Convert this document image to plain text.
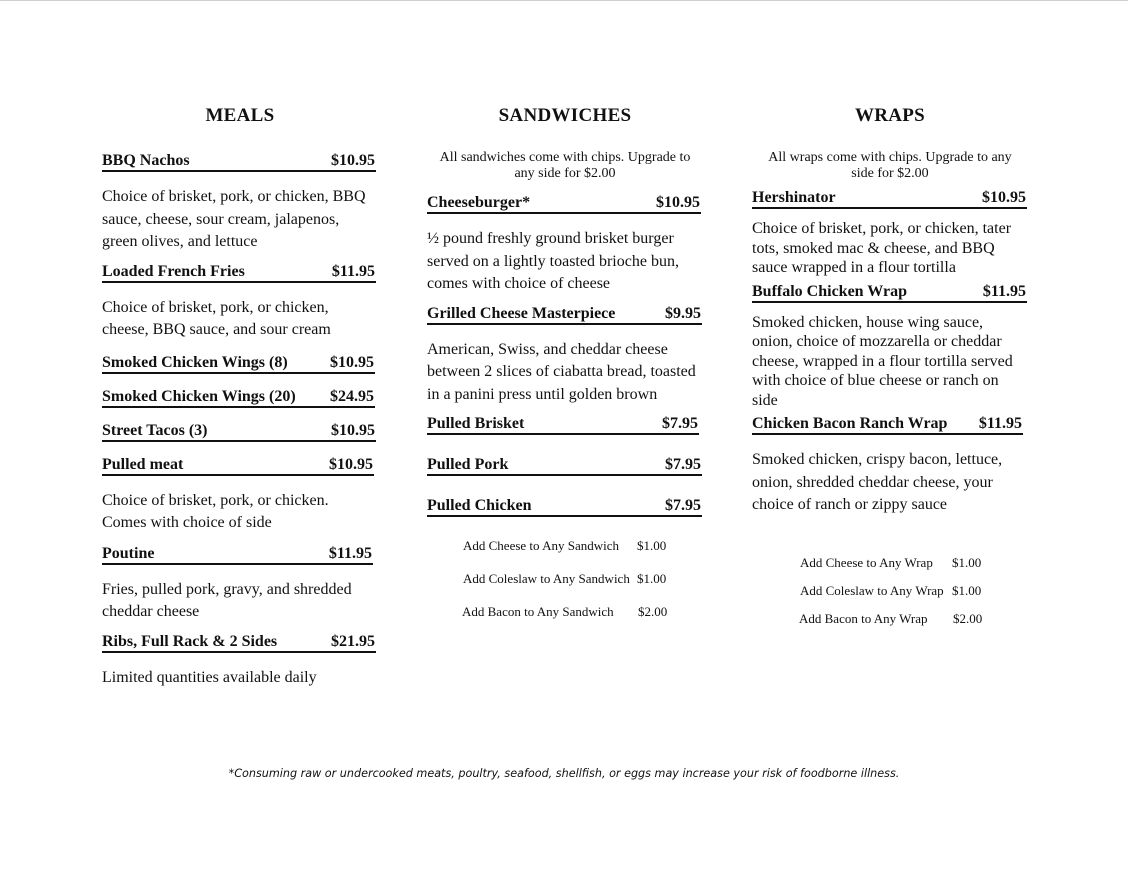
MEALS
BBQ Nachos	$10.95
Choice of brisket, pork, or chicken, BBQ sauce, cheese, sour cream, jalapenos, green olives, and lettuce
Loaded French Fries	$11.95
Choice of brisket, pork, or chicken, cheese, BBQ sauce, and sour cream
Smoked Chicken Wings (8)	$10.95
Smoked Chicken Wings (20) $24.95
Street Tacos (3)	$10.95
Pulled meat	$10.95
Choice of brisket, pork, or chicken. Comes with choice of side
Poutine	$11.95
Fries, pulled pork, gravy, and shredded cheddar cheese
Ribs, Full Rack & 2 Sides	$21.95
Limited quantities available daily
SANDWICHES
All sandwiches come with chips. Upgrade to any side for $2.00
Cheeseburger*	$10.95
½ pound freshly ground brisket burger served on a lightly toasted brioche bun, comes with choice of cheese
Grilled Cheese Masterpiece	$9.95
American, Swiss, and cheddar cheese between 2 slices of ciabatta bread, toasted in a panini press until golden brown
Pulled Brisket	$7.95
Pulled Pork	$7.95
Pulled Chicken	$7.95
Add Cheese to Any Sandwich	$1.00
Add Coleslaw to Any Sandwich $1.00
Add Bacon to Any Sandwich	$2.00
WRAPS
All wraps come with chips. Upgrade to any side for $2.00
Hershinator	$10.95
Choice of brisket, pork, or chicken, tater tots, smoked mac & cheese, and BBQ sauce wrapped in a flour tortilla
Buffalo Chicken Wrap	$11.95
Smoked chicken, house wing sauce, onion, choice of mozzarella or cheddar cheese, wrapped in a flour tortilla served with choice of blue cheese or ranch on side
Chicken Bacon Ranch Wrap $11.95
Smoked chicken, crispy bacon, lettuce, onion, shredded cheddar cheese, your choice of ranch or zippy sauce
Add Cheese to Any Wrap	$1.00
Add Coleslaw to Any Wrap $1.00
Add Bacon to Any Wrap	$2.00
*Consuming raw or undercooked meats, poultry, seafood, shellfish, or eggs may increase your risk of foodborne illness.
